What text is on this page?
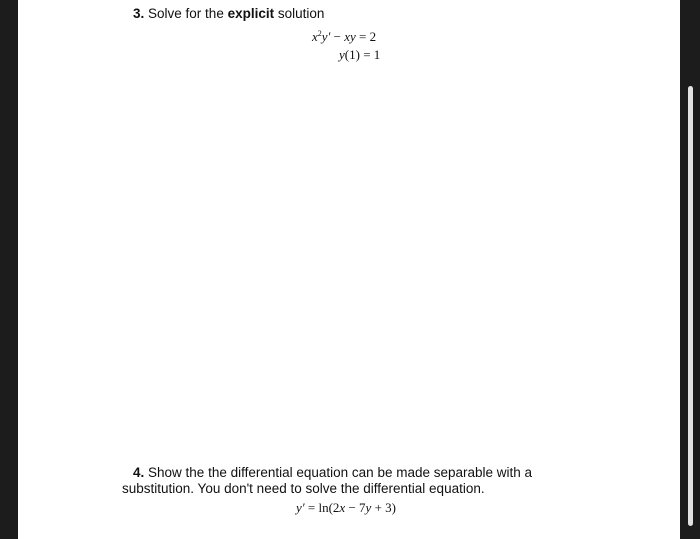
3. Solve for the explicit solution
$x^2y'$ − xy = 2
y(1) = 1
4. Show the the differential equation can be made separable with a
substitution. You don't need to solve the differential equation.
y′ = ln(2x − 7y + 3)
